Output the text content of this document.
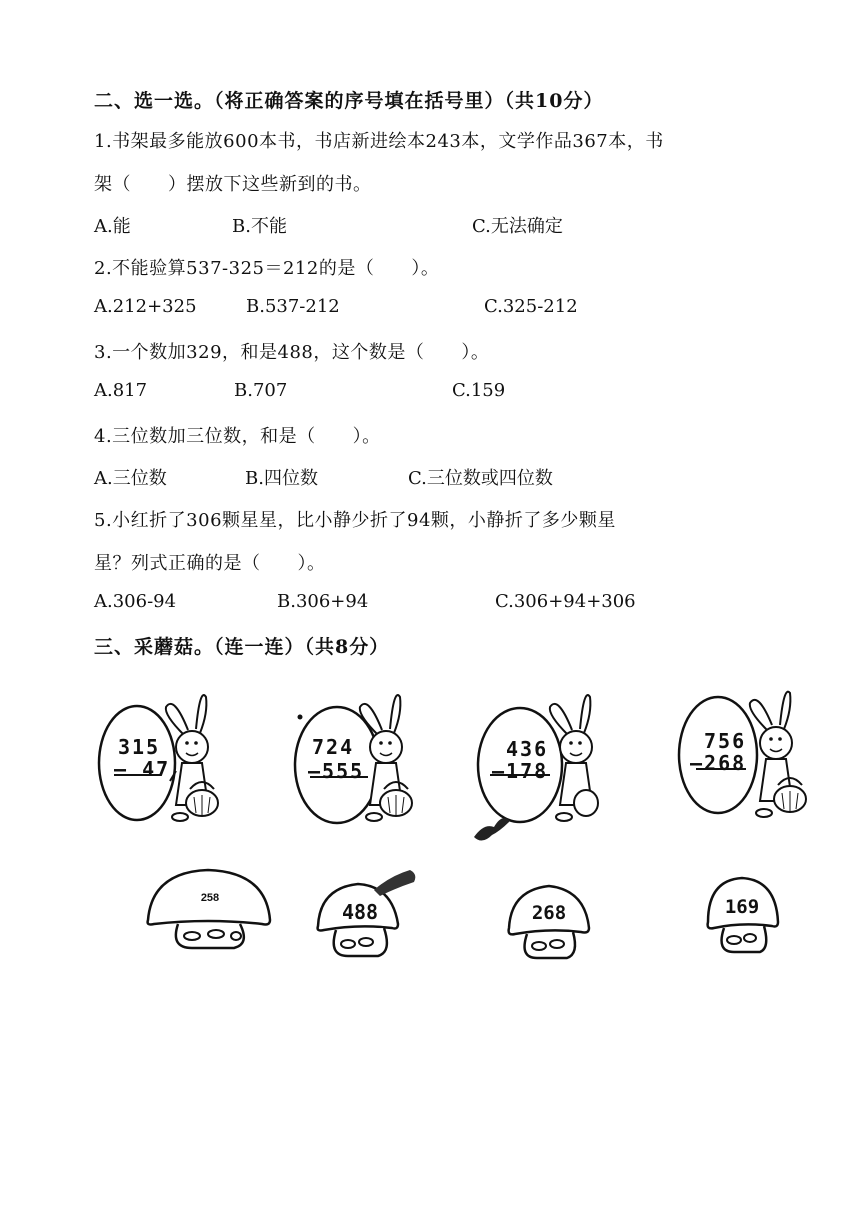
二、选一选。（将正确答案的序号填在括号里）（共10分）
1.书架最多能放600本书，书店新进绘本243本，文学作品367本，书
架（　　）摆放下这些新到的书。
A.能	B.不能	C.无法确定
2.不能验算537-325＝212的是（　　）。
A.212+325	B.537-212	C.325-212
3.一个数加329，和是488，这个数是（　　）。
A.817	B.707	C.159
4.三位数加三位数，和是（　　）。
A.三位数	B.四位数	C.三位数或四位数
5.小红折了306颗星星，比小静少折了94颗，小静折了多少颗星
星？列式正确的是（　　）。
A.306-94	B.306+94	C.306+94+306
三、采蘑菇。（连一连）（共8分）
315
— 47
724
—555
436
—178
756
—268
258
488	268	169
